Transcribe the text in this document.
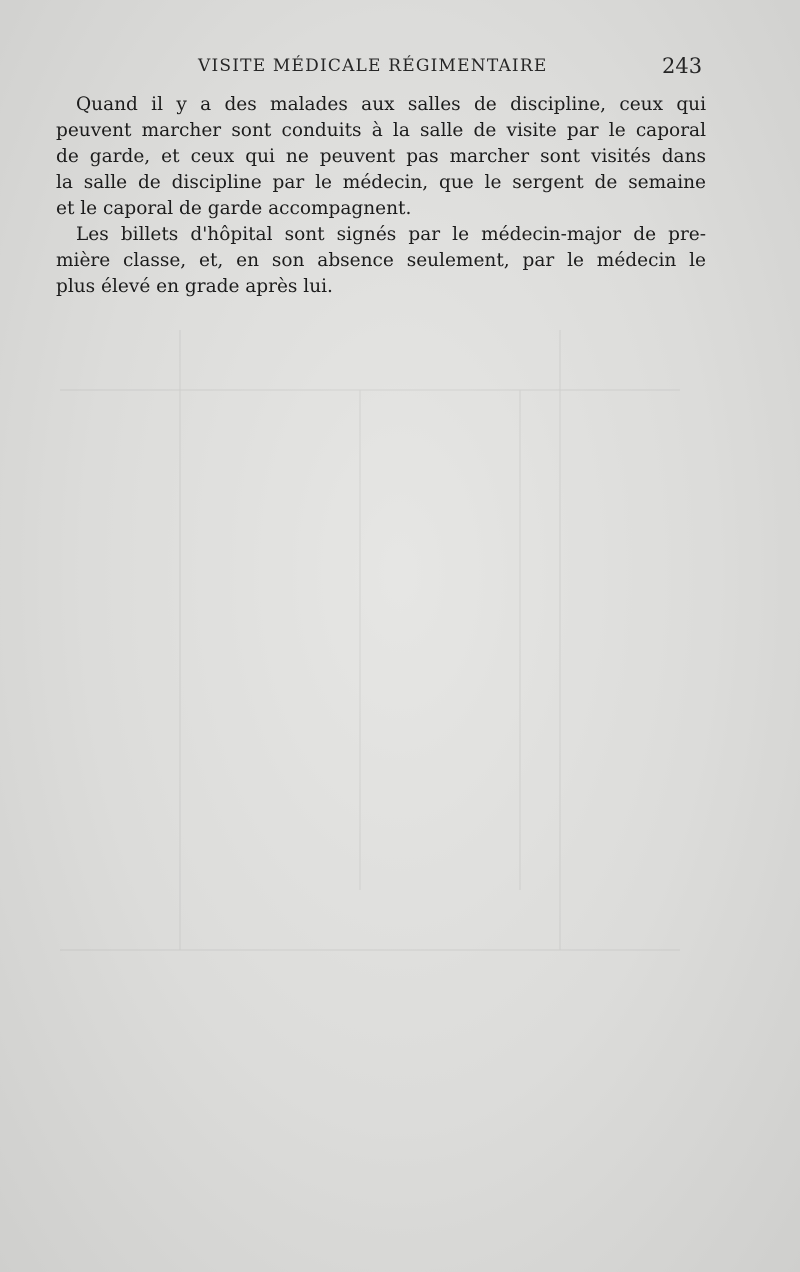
VISITE MÉDICALE RÉGIMENTAIRE	243
Quand il y a des malades aux salles de discipline, ceux qui
peuvent marcher sont conduits à la salle de visite par le caporal
de garde, et ceux qui ne peuvent pas marcher sont visités dans
la salle de discipline par le médecin, que le sergent de semaine
et le caporal de garde accompagnent.
Les billets d'hôpital sont signés par le médecin-major de pre-
mière classe, et, en son absence seulement, par le médecin le
plus élevé en grade après lui.
